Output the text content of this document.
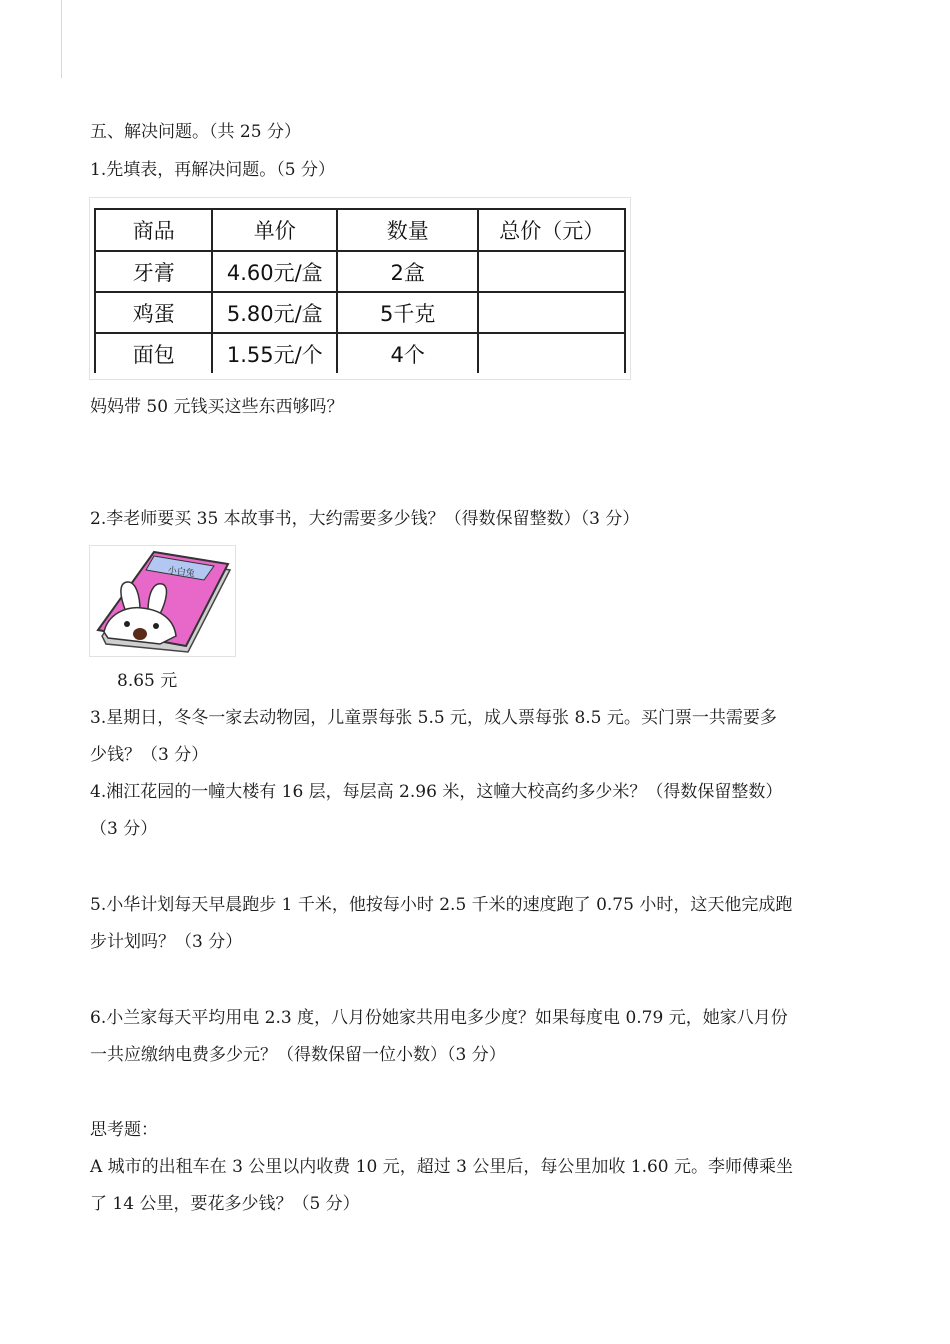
五、解决问题。（共 25 分）
1.先填表，再解决问题。（5 分）
商品	单价	数量	总价（元）
牙膏	4.60元/盒	2盒	
鸡蛋	5.80元/盒	5千克	
面包	1.55元/个	4个	
妈妈带 50 元钱买这些东西够吗？
2.李老师要买 35 本故事书，大约需要多少钱？（得数保留整数）（3 分）
小白兔
8.65 元
3.星期日，冬冬一家去动物园，儿童票每张 5.5 元，成人票每张 8.5 元。买门票一共需要多
少钱？（3 分）
4.湘江花园的一幢大楼有 16 层，每层高 2.96 米，这幢大校高约多少米？（得数保留整数）
（3 分）
5.小华计划每天早晨跑步 1 千米，他按每小时 2.5 千米的速度跑了 0.75 小时，这天他完成跑
步计划吗？（3 分）
6.小兰家每天平均用电 2.3 度，八月份她家共用电多少度？如果每度电 0.79 元，她家八月份
一共应缴纳电费多少元？（得数保留一位小数）（3 分）
思考题：
A 城市的出租车在 3 公里以内收费 10 元，超过 3 公里后，每公里加收 1.60 元。李师傅乘坐
了 14 公里，要花多少钱？（5 分）
